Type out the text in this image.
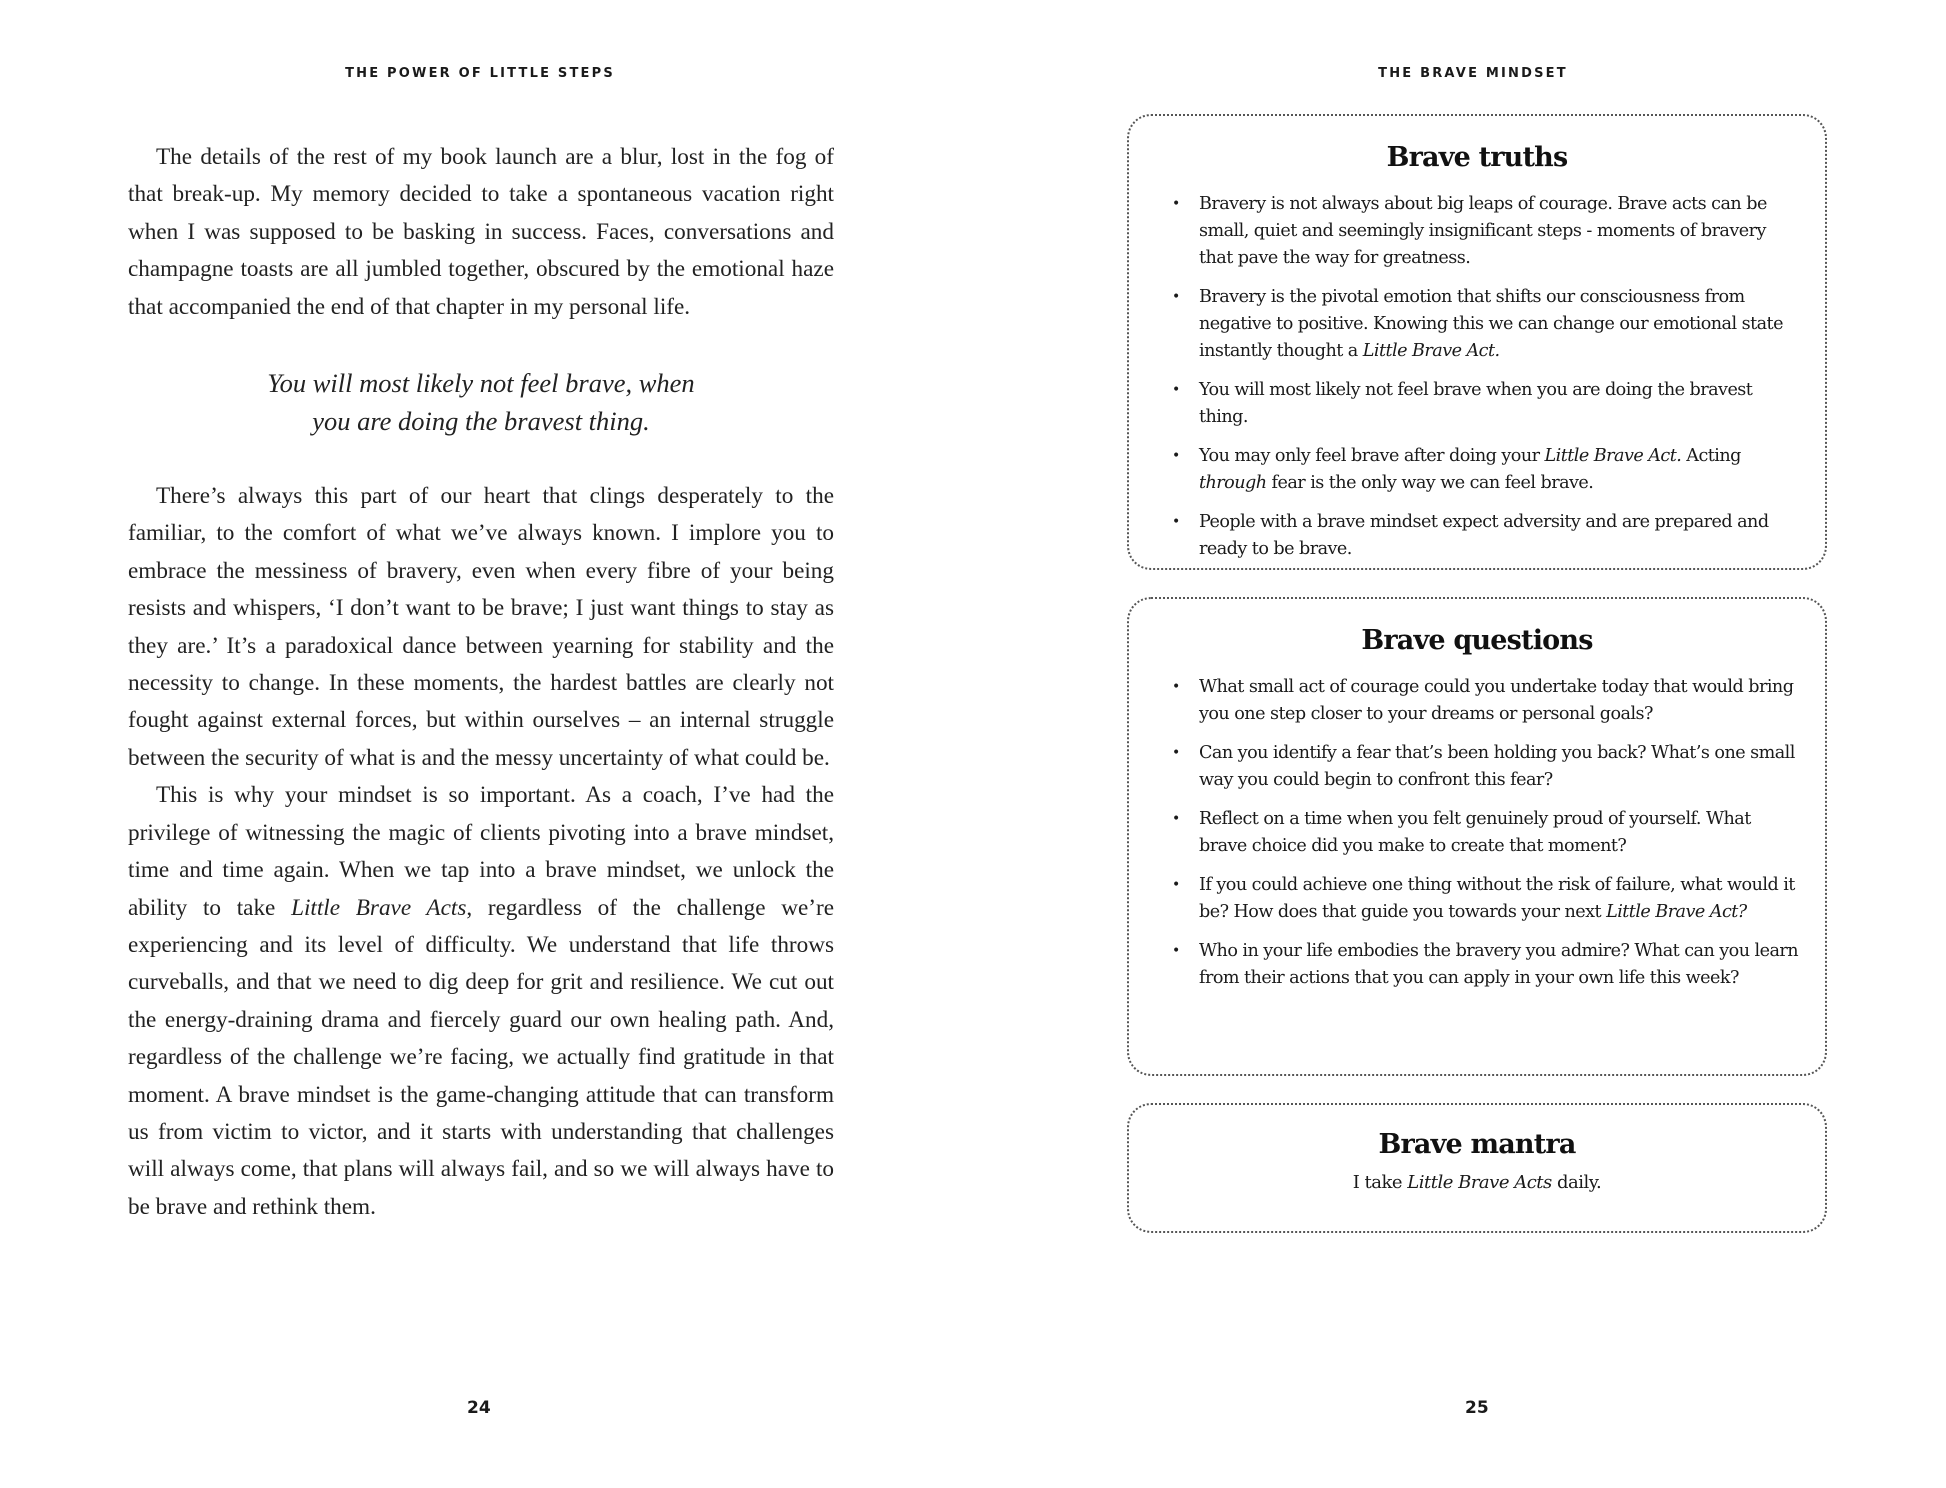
THE POWER OF LITTLE STEPS

The details of the rest of my book launch are a blur, lost in the fog of that break-up. My memory decided to take a spontaneous vacation right when I was supposed to be basking in success. Faces, conversations and champagne toasts are all jumbled together, obscured by the emotional haze that accompanied the end of that chapter in my personal life.

You will most likely not feel brave, when
you are doing the bravest thing.

There’s always this part of our heart that clings desperately to the familiar, to the comfort of what we’ve always known. I implore you to embrace the messiness of bravery, even when every fibre of your being resists and whispers, ‘I don’t want to be brave; I just want things to stay as they are.’ It’s a paradoxical dance between yearning for stability and the necessity to change. In these moments, the hardest battles are clearly not fought against external forces, but within ourselves – an internal struggle between the security of what is and the messy uncertainty of what could be.

This is why your mindset is so important. As a coach, I’ve had the privilege of witnessing the magic of clients pivoting into a brave mindset, time and time again. When we tap into a brave mindset, we unlock the ability to take Little Brave Acts, regardless of the challenge we’re experiencing and its level of difficulty. We understand that life throws curveballs, and that we need to dig deep for grit and resilience. We cut out the energy-draining drama and fiercely guard our own healing path. And, regardless of the challenge we’re facing, we actually find gratitude in that moment. A brave mindset is the game-changing attitude that can transform us from victim to victor, and it starts with understanding that challenges will always come, that plans will always fail, and so we will always have to be brave and rethink them.

24
THE BRAVE MINDSET
Brave truths
• Bravery is not always about big leaps of courage. Brave acts can be small, quiet and seemingly insignificant steps - moments of bravery that pave the way for greatness.
• Bravery is the pivotal emotion that shifts our consciousness from negative to positive. Knowing this we can change our emotional state instantly thought a Little Brave Act.
• You will most likely not feel brave when you are doing the bravest thing.
• You may only feel brave after doing your Little Brave Act. Acting through fear is the only way we can feel brave.
• People with a brave mindset expect adversity and are prepared and ready to be brave.
Brave questions
• What small act of courage could you undertake today that would bring you one step closer to your dreams or personal goals?
• Can you identify a fear that’s been holding you back? What’s one small way you could begin to confront this fear?
• Reflect on a time when you felt genuinely proud of yourself. What brave choice did you make to create that moment?
• If you could achieve one thing without the risk of failure, what would it be? How does that guide you towards your next Little Brave Act?
• Who in your life embodies the bravery you admire? What can you learn from their actions that you can apply in your own life this week?
Brave mantra
I take Little Brave Acts daily.
25
